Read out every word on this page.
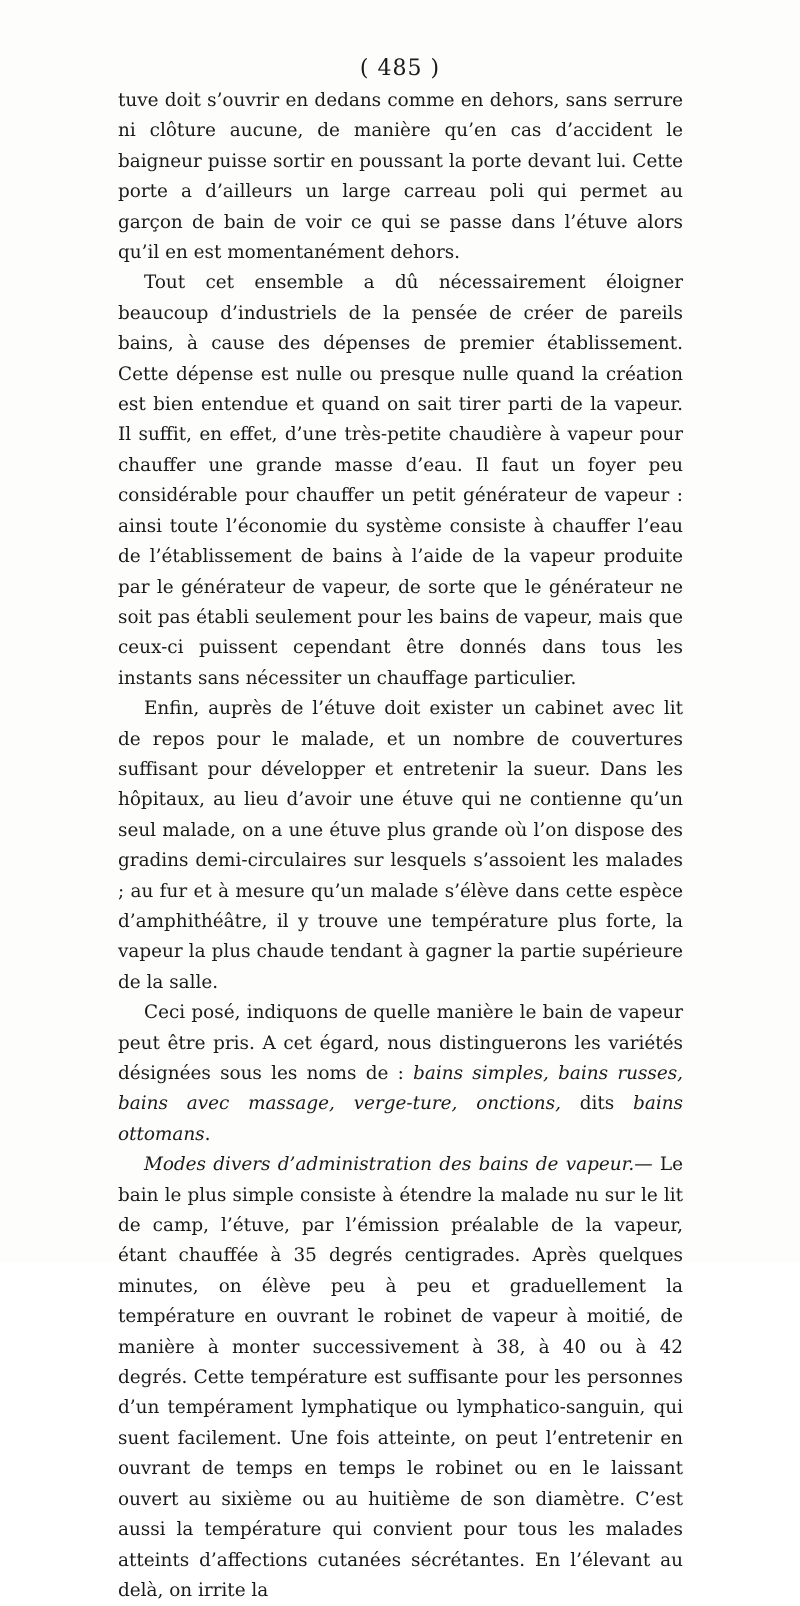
( 485 )

tuve doit s’ouvrir en dedans comme en dehors, sans serrure ni clôture aucune, de manière qu’en cas d’accident le baigneur puisse sortir en poussant la porte devant lui. Cette porte a d’ailleurs un large carreau poli qui permet au garçon de bain de voir ce qui se passe dans l’étuve alors qu’il en est momentanément dehors.

Tout cet ensemble a dû nécessairement éloigner beaucoup d’industriels de la pensée de créer de pareils bains, à cause des dépenses de premier établissement. Cette dépense est nulle ou presque nulle quand la création est bien entendue et quand on sait tirer parti de la vapeur. Il suffit, en effet, d’une très-petite chaudière à vapeur pour chauffer une grande masse d’eau. Il faut un foyer peu considérable pour chauffer un petit générateur de vapeur : ainsi toute l’économie du système consiste à chauffer l’eau de l’établissement de bains à l’aide de la vapeur produite par le générateur de vapeur, de sorte que le générateur ne soit pas établi seulement pour les bains de vapeur, mais que ceux-ci puissent cependant être donnés dans tous les instants sans nécessiter un chauffage particulier.

Enfin, auprès de l’étuve doit exister un cabinet avec lit de repos pour le malade, et un nombre de couvertures suffisant pour développer et entretenir la sueur. Dans les hôpitaux, au lieu d’avoir une étuve qui ne contienne qu’un seul malade, on a une étuve plus grande où l’on dispose des gradins demi-circulaires sur lesquels s’assoient les malades ; au fur et à mesure qu’un malade s’élève dans cette espèce d’amphithéâtre, il y trouve une température plus forte, la vapeur la plus chaude tendant à gagner la partie supérieure de la salle.

Ceci posé, indiquons de quelle manière le bain de vapeur peut être pris. A cet égard, nous distinguerons les variétés désignées sous les noms de : bains simples, bains russes, bains avec massage, verge-ture, onctions, dits bains ottomans.

Modes divers d’administration des bains de vapeur.— Le bain le plus simple consiste à étendre la malade nu sur le lit de camp, l’étuve, par l’émission préalable de la vapeur, étant chauffée à 35 degrés centigrades. Après quelques minutes, on élève peu à peu et graduellement la température en ouvrant le robinet de vapeur à moitié, de manière à monter successivement à 38, à 40 ou à 42 degrés. Cette température est suffisante pour les personnes d’un tempérament lymphatique ou lymphatico-sanguin, qui suent facilement. Une fois atteinte, on peut l’entretenir en ouvrant de temps en temps le robinet ou en le laissant ouvert au sixième ou au huitième de son diamètre. C’est aussi la température qui convient pour tous les malades atteints d’affections cutanées sécrétantes. En l’élevant au delà, on irrite la
